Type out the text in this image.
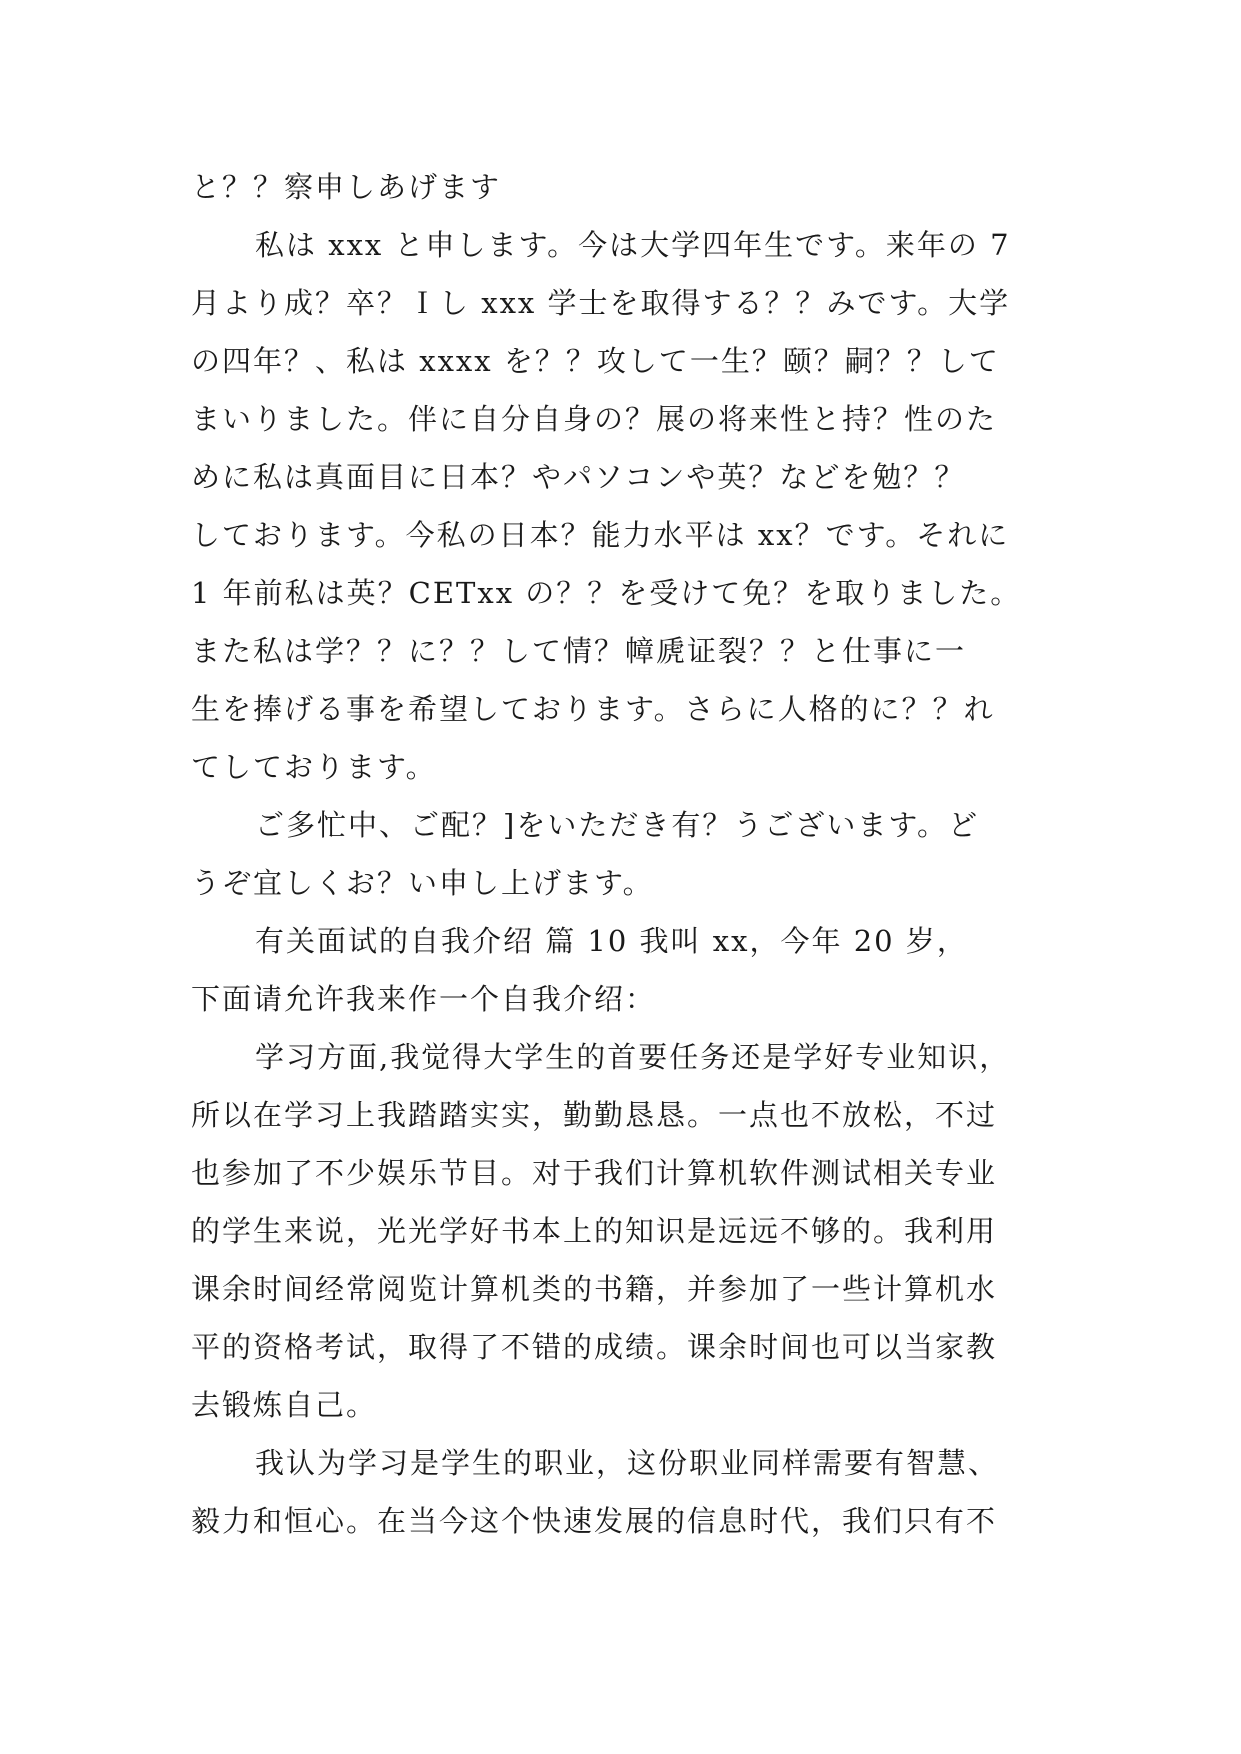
と？？察申しあげます
私は xxx と申します。今は大学四年生です。来年の 7
月より成？卒？Ｉし xxx 学士を取得する？？みです。大学
の四年？、私は xxxx を？？攻して一生？颐？嗣？？して
まいりました。伴に自分自身の？展の将来性と持？性のた
めに私は真面目に日本？やパソコンや英？などを勉？？
しております。今私の日本？能力水平は xx？です。それに
1 年前私は英？CETxx の？？を受けて免？を取りました。
また私は学？？に？？して情？幛虒证裂？？と仕事に一
生を捧げる事を希望しております。さらに人格的に？？れ
てしております。
ご多忙中、ご配？]をいただき有？うございます。ど
うぞ宜しくお？い申し上げます。
有关面试的自我介绍 篇 10 我叫 xx，今年 20 岁，
下面请允许我来作一个自我介绍：
学习方面,我觉得大学生的首要任务还是学好专业知识，
所以在学习上我踏踏实实，勤勤恳恳。一点也不放松，不过
也参加了不少娱乐节目。对于我们计算机软件测试相关专业
的学生来说，光光学好书本上的知识是远远不够的。我利用
课余时间经常阅览计算机类的书籍，并参加了一些计算机水
平的资格考试，取得了不错的成绩。课余时间也可以当家教
去锻炼自己。
我认为学习是学生的职业，这份职业同样需要有智慧、
毅力和恒心。在当今这个快速发展的信息时代，我们只有不
